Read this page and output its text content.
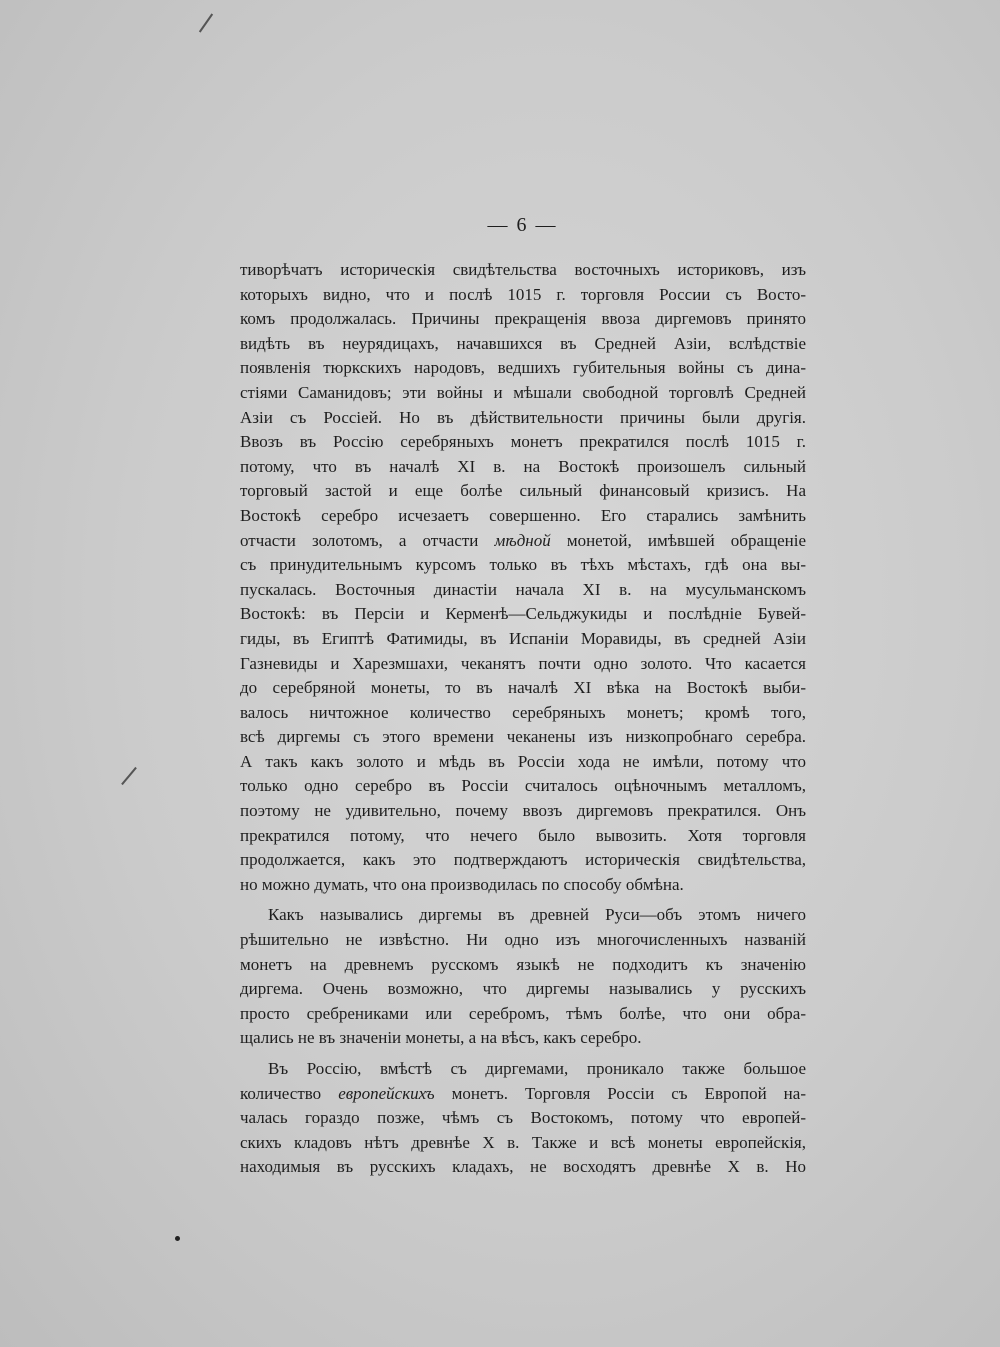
— 6 —
тиворѣчатъ историческія свидѣтельства восточныхъ историковъ, изъ
которыхъ видно, что и послѣ 1015 г. торговля России съ Восто-
комъ продолжалась. Причины прекращенія ввоза диргемовъ принято
видѣть въ неурядицахъ, начавшихся въ Средней Азіи, вслѣдствіе
появленія тюркскихъ народовъ, ведшихъ губительныя войны съ дина-
стіями Саманидовъ; эти войны и мѣшали свободной торговлѣ Средней
Азіи съ Россіей. Но въ дѣйствительности причины были другія.
Ввозъ въ Россію серебряныхъ монетъ прекратился послѣ 1015 г.
потому, что въ началѣ XI в. на Востокѣ произошелъ сильный
торговый застой и еще болѣе сильный финансовый кризисъ. На
Востокѣ серебро исчезаетъ совершенно. Его старались замѣнить
отчасти золотомъ, а отчасти мѣдной монетой, имѣвшей обращеніе
съ принудительнымъ курсомъ только въ тѣхъ мѣстахъ, гдѣ она вы-
пускалась. Восточныя династіи начала XI в. на мусульманскомъ
Востокѣ: въ Персіи и Керменѣ—Сельджукиды и послѣдніе Бувей-
гиды, въ Египтѣ Фатимиды, въ Испаніи Моравиды, въ средней Азіи
Газневиды и Харезмшахи, чеканятъ почти одно золото. Что касается
до серебряной монеты, то въ началѣ XI вѣка на Востокѣ выби-
валось ничтожное количество серебряныхъ монетъ; кромѣ того,
всѣ диргемы съ этого времени чеканены изъ низкопробнаго серебра.
А такъ какъ золото и мѣдь въ Россіи хода не имѣли, потому что
только одно серебро въ Россіи считалось оцѣночнымъ металломъ,
поэтому не удивительно, почему ввозъ диргемовъ прекратился. Онъ
прекратился потому, что нечего было вывозить. Хотя торговля
продолжается, какъ это подтверждаютъ историческія свидѣтельства,
но можно думать, что она производилась по способу обмѣна.
Какъ назывались диргемы въ древней Руси—объ этомъ ничего
рѣшительно не извѣстно. Ни одно изъ многочисленныхъ названій
монетъ на древнемъ русскомъ языкѣ не подходитъ къ значенію
диргема. Очень возможно, что диргемы назывались у русскихъ
просто сребрениками или серебромъ, тѣмъ болѣе, что они обра-
щались не въ значеніи монеты, а на вѣсъ, какъ серебро.
Въ Россію, вмѣстѣ съ диргемами, проникало также большое
количество европейскихъ монетъ. Торговля Россіи съ Европой на-
чалась гораздо позже, чѣмъ съ Востокомъ, потому что европей-
скихъ кладовъ нѣтъ древнѣе X в. Также и всѣ монеты европейскія,
находимыя въ русскихъ кладахъ, не восходятъ древнѣе X в. Но
